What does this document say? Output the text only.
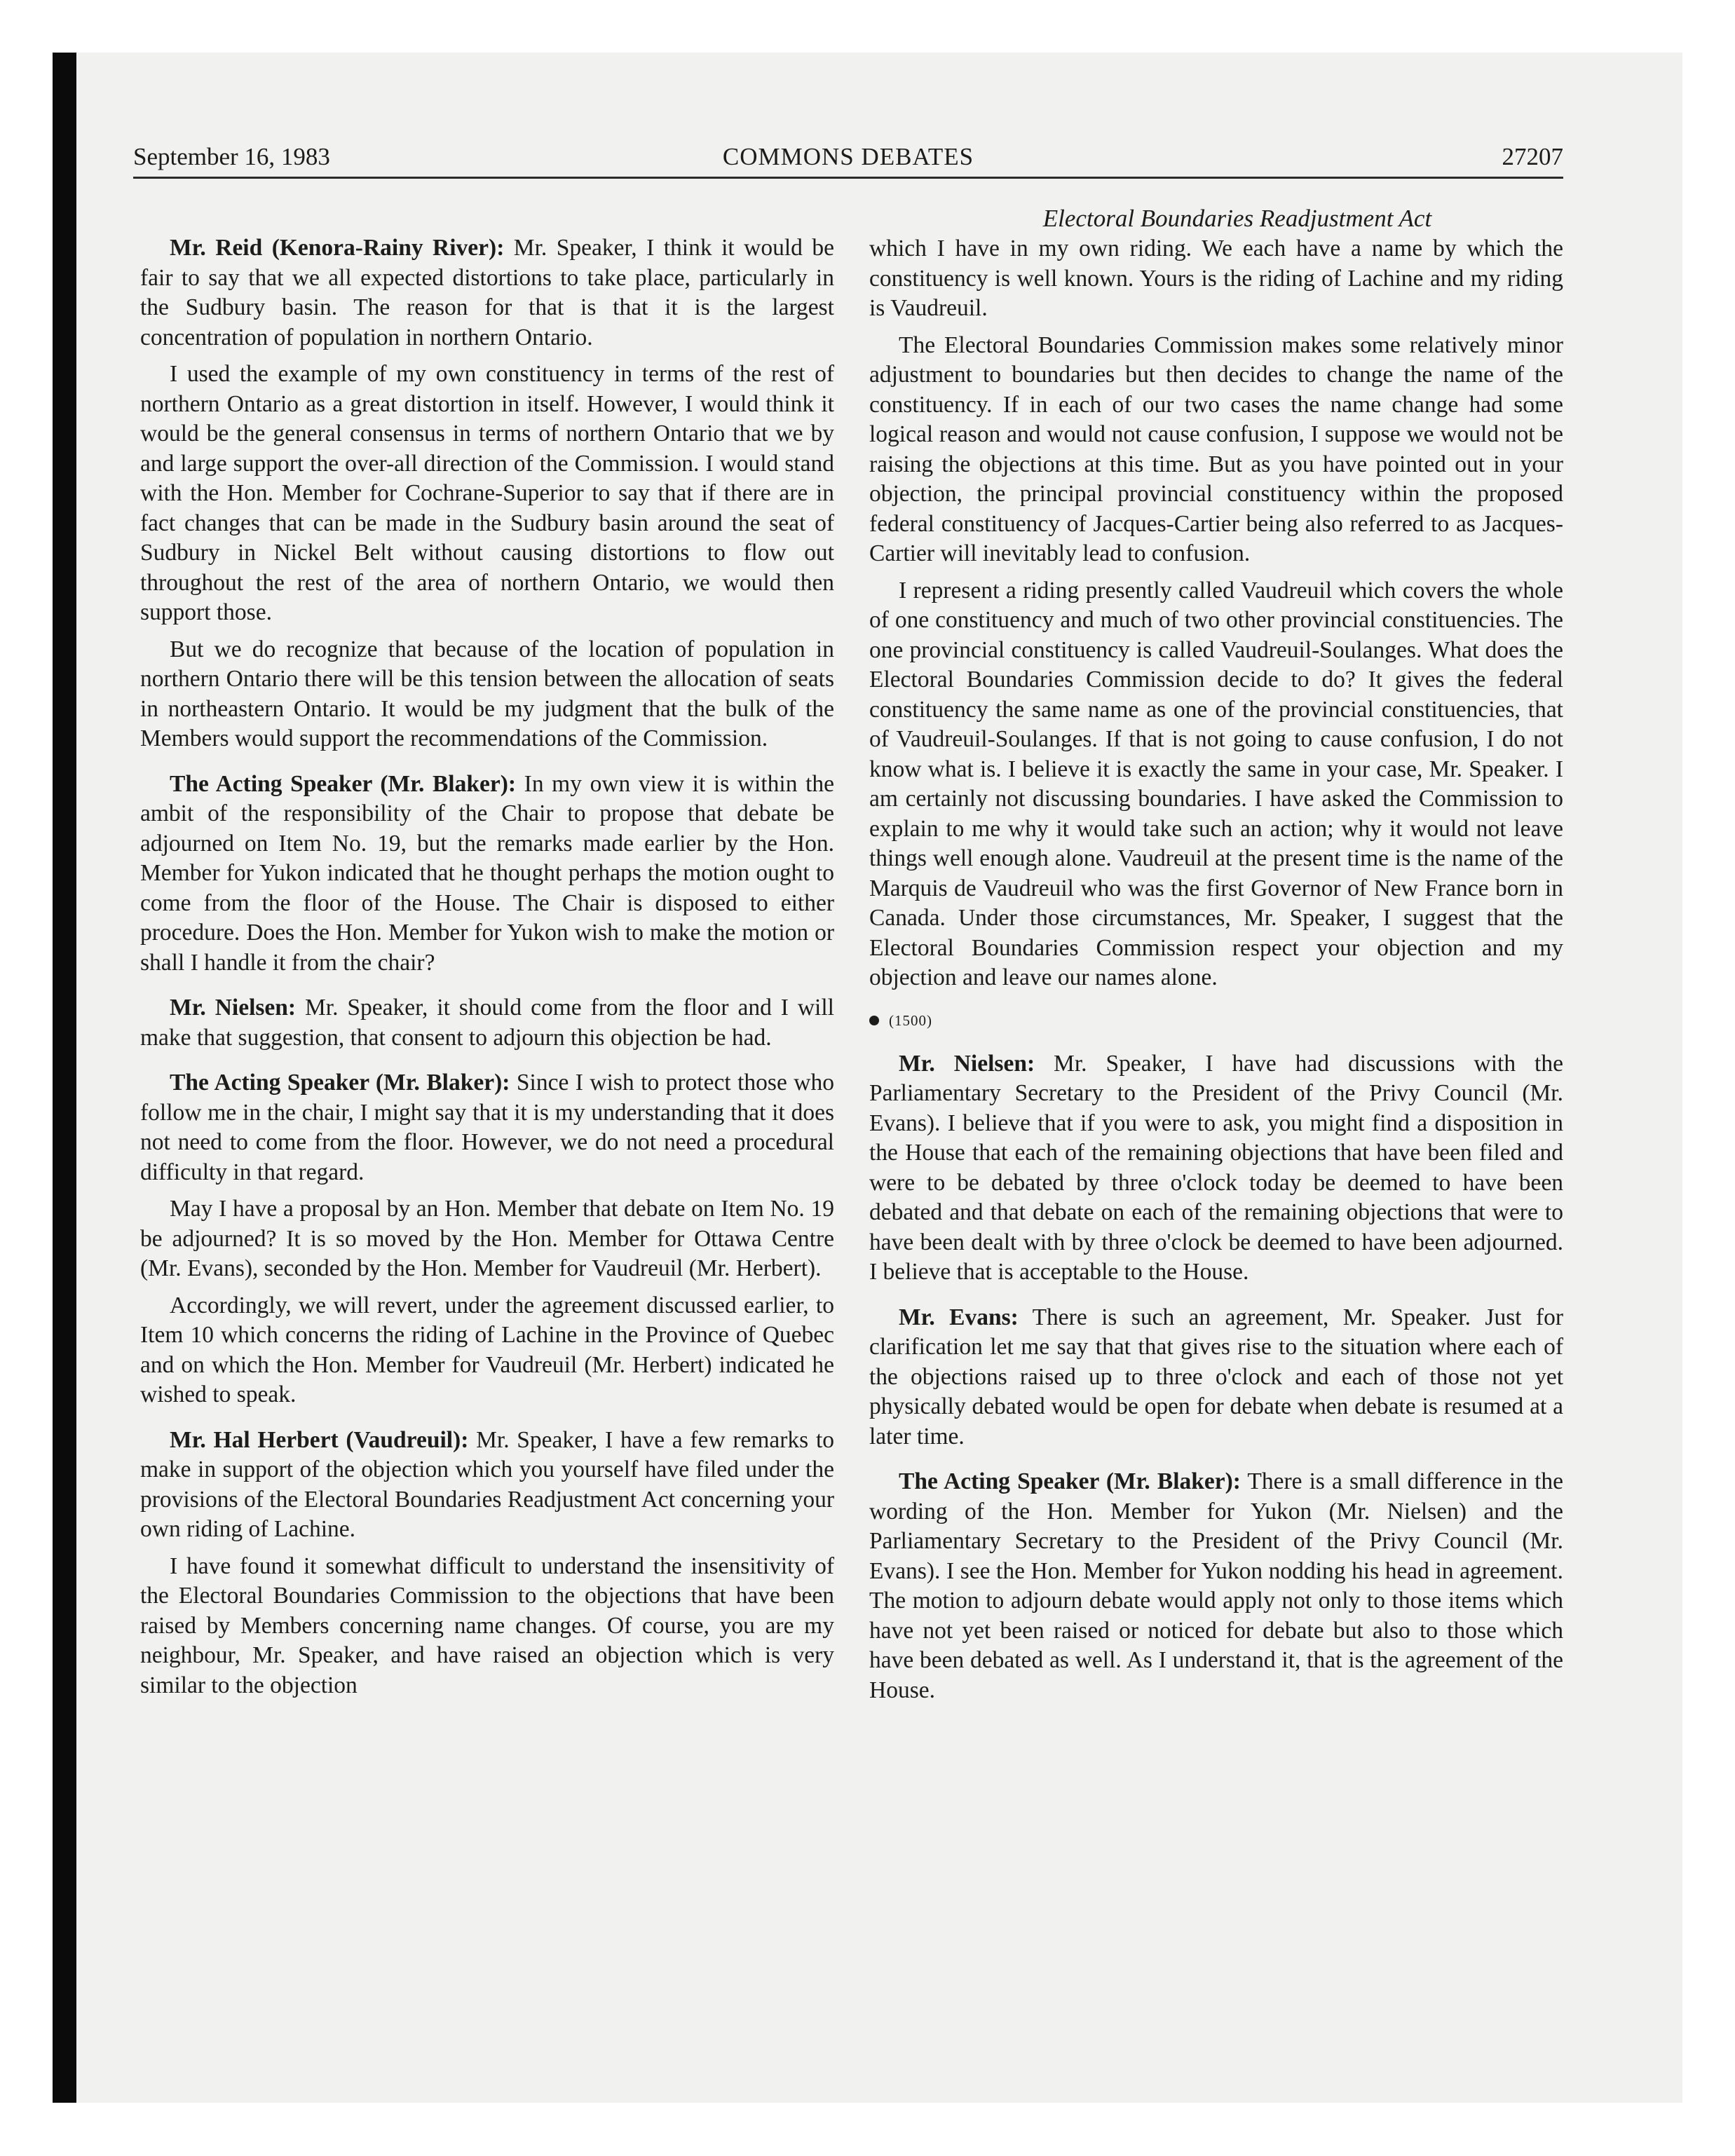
September 16, 1983	COMMONS DEBATES	27207

Mr. Reid (Kenora-Rainy River): Mr. Speaker, I think it would be fair to say that we all expected distortions to take place, particularly in the Sudbury basin. The reason for that is that it is the largest concentration of population in northern Ontario.

I used the example of my own constituency in terms of the rest of northern Ontario as a great distortion in itself. However, I would think it would be the general consensus in terms of northern Ontario that we by and large support the over-all direction of the Commission. I would stand with the Hon. Member for Cochrane-Superior to say that if there are in fact changes that can be made in the Sudbury basin around the seat of Sudbury in Nickel Belt without causing distortions to flow out throughout the rest of the area of northern Ontario, we would then support those.

But we do recognize that because of the location of population in northern Ontario there will be this tension between the allocation of seats in northeastern Ontario. It would be my judgment that the bulk of the Members would support the recommendations of the Commission.

The Acting Speaker (Mr. Blaker): In my own view it is within the ambit of the responsibility of the Chair to propose that debate be adjourned on Item No. 19, but the remarks made earlier by the Hon. Member for Yukon indicated that he thought perhaps the motion ought to come from the floor of the House. The Chair is disposed to either procedure. Does the Hon. Member for Yukon wish to make the motion or shall I handle it from the chair?

Mr. Nielsen: Mr. Speaker, it should come from the floor and I will make that suggestion, that consent to adjourn this objection be had.

The Acting Speaker (Mr. Blaker): Since I wish to protect those who follow me in the chair, I might say that it is my understanding that it does not need to come from the floor. However, we do not need a procedural difficulty in that regard.

May I have a proposal by an Hon. Member that debate on Item No. 19 be adjourned? It is so moved by the Hon. Member for Ottawa Centre (Mr. Evans), seconded by the Hon. Member for Vaudreuil (Mr. Herbert).

Accordingly, we will revert, under the agreement discussed earlier, to Item 10 which concerns the riding of Lachine in the Province of Quebec and on which the Hon. Member for Vaudreuil (Mr. Herbert) indicated he wished to speak.

Mr. Hal Herbert (Vaudreuil): Mr. Speaker, I have a few remarks to make in support of the objection which you yourself have filed under the provisions of the Electoral Boundaries Readjustment Act concerning your own riding of Lachine.

I have found it somewhat difficult to understand the insensitivity of the Electoral Boundaries Commission to the objections that have been raised by Members concerning name changes. Of course, you are my neighbour, Mr. Speaker, and have raised an objection which is very similar to the objection

Electoral Boundaries Readjustment Act

which I have in my own riding. We each have a name by which the constituency is well known. Yours is the riding of Lachine and my riding is Vaudreuil.

The Electoral Boundaries Commission makes some relatively minor adjustment to boundaries but then decides to change the name of the constituency. If in each of our two cases the name change had some logical reason and would not cause confusion, I suppose we would not be raising the objections at this time. But as you have pointed out in your objection, the principal provincial constituency within the proposed federal constituency of Jacques-Cartier being also referred to as Jacques-Cartier will inevitably lead to confusion.

I represent a riding presently called Vaudreuil which covers the whole of one constituency and much of two other provincial constituencies. The one provincial constituency is called Vaudreuil-Soulanges. What does the Electoral Boundaries Commission decide to do? It gives the federal constituency the same name as one of the provincial constituencies, that of Vaudreuil-Soulanges. If that is not going to cause confusion, I do not know what is. I believe it is exactly the same in your case, Mr. Speaker. I am certainly not discussing boundaries. I have asked the Commission to explain to me why it would take such an action; why it would not leave things well enough alone. Vaudreuil at the present time is the name of the Marquis de Vaudreuil who was the first Governor of New France born in Canada. Under those circumstances, Mr. Speaker, I suggest that the Electoral Boundaries Commission respect your objection and my objection and leave our names alone.

(1500)

Mr. Nielsen: Mr. Speaker, I have had discussions with the Parliamentary Secretary to the President of the Privy Council (Mr. Evans). I believe that if you were to ask, you might find a disposition in the House that each of the remaining objections that have been filed and were to be debated by three o'clock today be deemed to have been debated and that debate on each of the remaining objections that were to have been dealt with by three o'clock be deemed to have been adjourned. I believe that is acceptable to the House.

Mr. Evans: There is such an agreement, Mr. Speaker. Just for clarification let me say that that gives rise to the situation where each of the objections raised up to three o'clock and each of those not yet physically debated would be open for debate when debate is resumed at a later time.

The Acting Speaker (Mr. Blaker): There is a small difference in the wording of the Hon. Member for Yukon (Mr. Nielsen) and the Parliamentary Secretary to the President of the Privy Council (Mr. Evans). I see the Hon. Member for Yukon nodding his head in agreement. The motion to adjourn debate would apply not only to those items which have not yet been raised or noticed for debate but also to those which have been debated as well. As I understand it, that is the agreement of the House.
